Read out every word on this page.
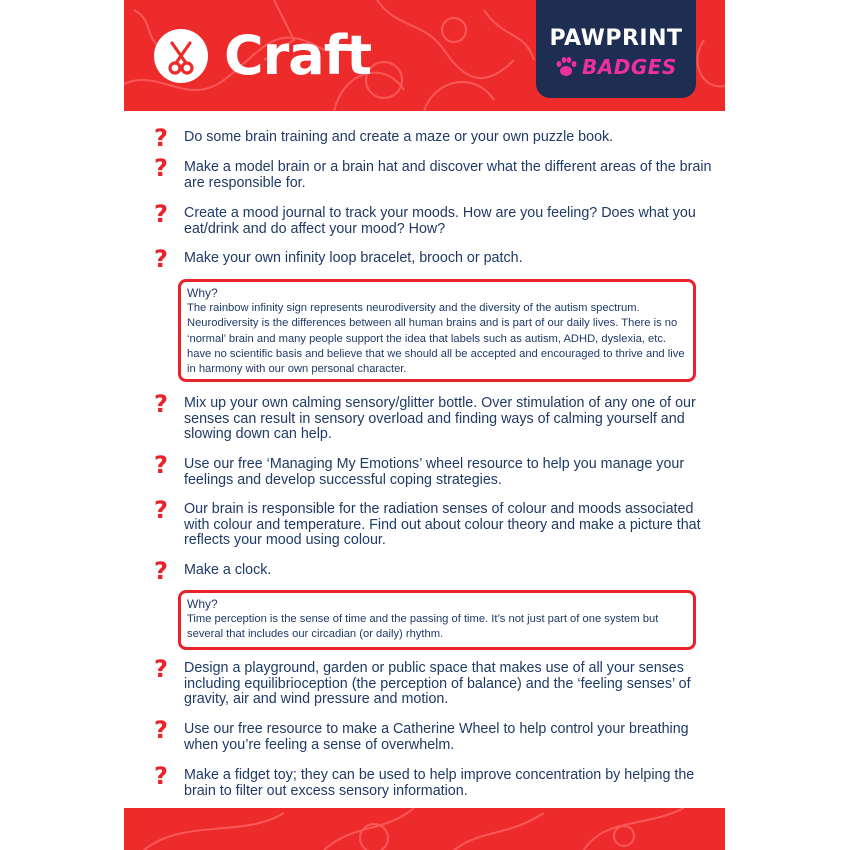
Craft	PAWPRINT
BADGES
? Do some brain training and create a maze or your own puzzle book.
? Make a model brain or a brain hat and discover what the different areas of the brain are responsible for.
? Create a mood journal to track your moods. How are you feeling? Does what you eat/drink and do affect your mood? How?
? Make your own infinity loop bracelet, brooch or patch.
Why?
The rainbow infinity sign represents neurodiversity and the diversity of the autism spectrum. Neurodiversity is the differences between all human brains and is part of our daily lives. There is no ‘normal’ brain and many people support the idea that labels such as autism, ADHD, dyslexia, etc. have no scientific basis and believe that we should all be accepted and encouraged to thrive and live in harmony with our own personal character.
? Mix up your own calming sensory/glitter bottle. Over stimulation of any one of our senses can result in sensory overload and finding ways of calming yourself and slowing down can help.
? Use our free ‘Managing My Emotions’ wheel resource to help you manage your feelings and develop successful coping strategies.
? Our brain is responsible for the radiation senses of colour and moods associated with colour and temperature. Find out about colour theory and make a picture that reflects your mood using colour.
? Make a clock.
Why?
Time perception is the sense of time and the passing of time. It’s not just part of one system but several that includes our circadian (or daily) rhythm.
? Design a playground, garden or public space that makes use of all your senses including equilibrioception (the perception of balance) and the ‘feeling senses’ of gravity, air and wind pressure and motion.
? Use our free resource to make a Catherine Wheel to help control your breathing when you’re feeling a sense of overwhelm.
? Make a fidget toy; they can be used to help improve concentration by helping the brain to filter out excess sensory information.
